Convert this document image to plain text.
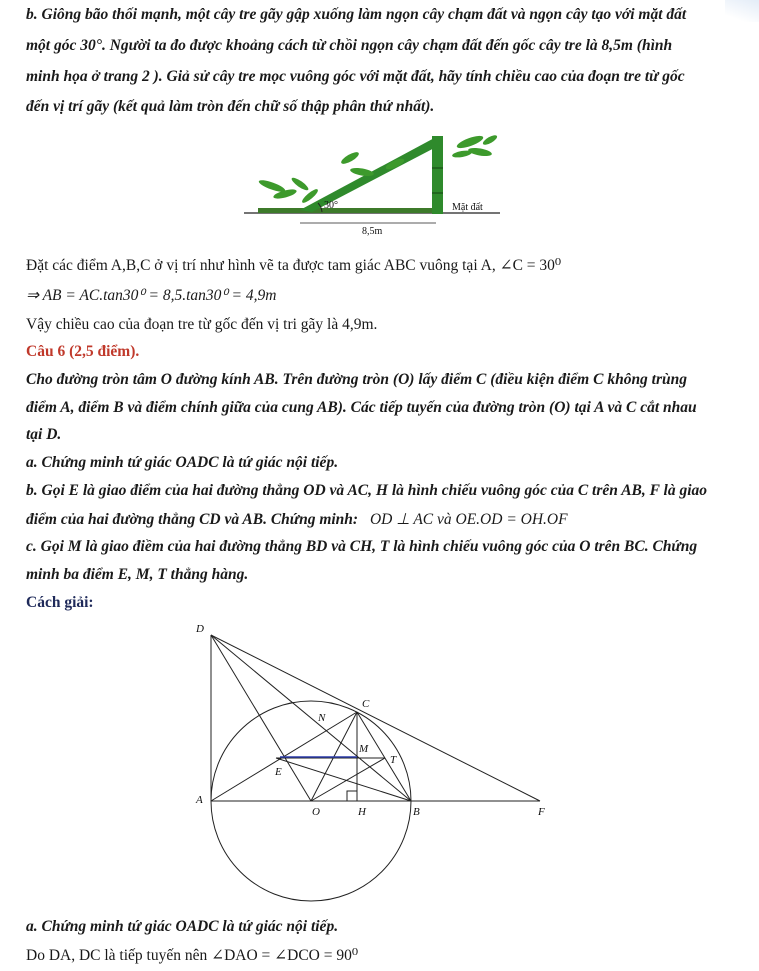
b. Giông bão thối mạnh, một cây tre gãy gập xuống làm ngọn cây chạm đất và ngọn cây tạo với mặt đất
một góc 30°. Người ta đo được khoảng cách từ chồi ngọn cây chạm đất đến gốc cây tre là 8,5m (hình
minh họa ở trang 2 ). Giả sử cây tre mọc vuông góc với mặt đất, hãy tính chiều cao của đoạn tre từ gốc
đến vị trí gãy (kết quả làm tròn đến chữ số thập phân thứ nhất).
30°	Mặt đất
8,5m
Đặt các điểm A,B,C ở vị trí như hình vẽ ta được tam giác ABC vuông tại A, ∠C = 30⁰
⇒ AB = AC.tan30⁰ = 8,5.tan30⁰ = 4,9m
Vậy chiều cao của đoạn tre từ gốc đến vị tri gãy là 4,9m.
Câu 6 (2,5 điểm).
Cho đường tròn tâm O đường kính AB. Trên đường tròn (O) lấy điểm C (điều kiện điểm C không trùng
điểm A, điểm B và điểm chính giữa của cung AB). Các tiếp tuyến của đường tròn (O) tại A và C cắt nhau
tại D.
a. Chứng minh tứ giác OADC là tứ giác nội tiếp.
b. Gọi E là giao điểm của hai đường thẳng OD và AC, H là hình chiếu vuông góc của C trên AB, F là giao
điểm của hai đường thẳng CD và AB. Chứng minh: OD ⊥ AC và OE.OD = OH.OF
c. Gọi M là giao điềm của hai đường thẳng BD và CH, T là hình chiếu vuông góc của O trên BC. Chứng
minh ba điểm E, M, T thẳng hàng.
Cách giải:
D
C
N
M
T
E
A
O	H	B	F
a. Chứng minh tứ giác OADC là tứ giác nội tiếp.
Do DA, DC là tiếp tuyến nên ∠DAO = ∠DCO = 90⁰
